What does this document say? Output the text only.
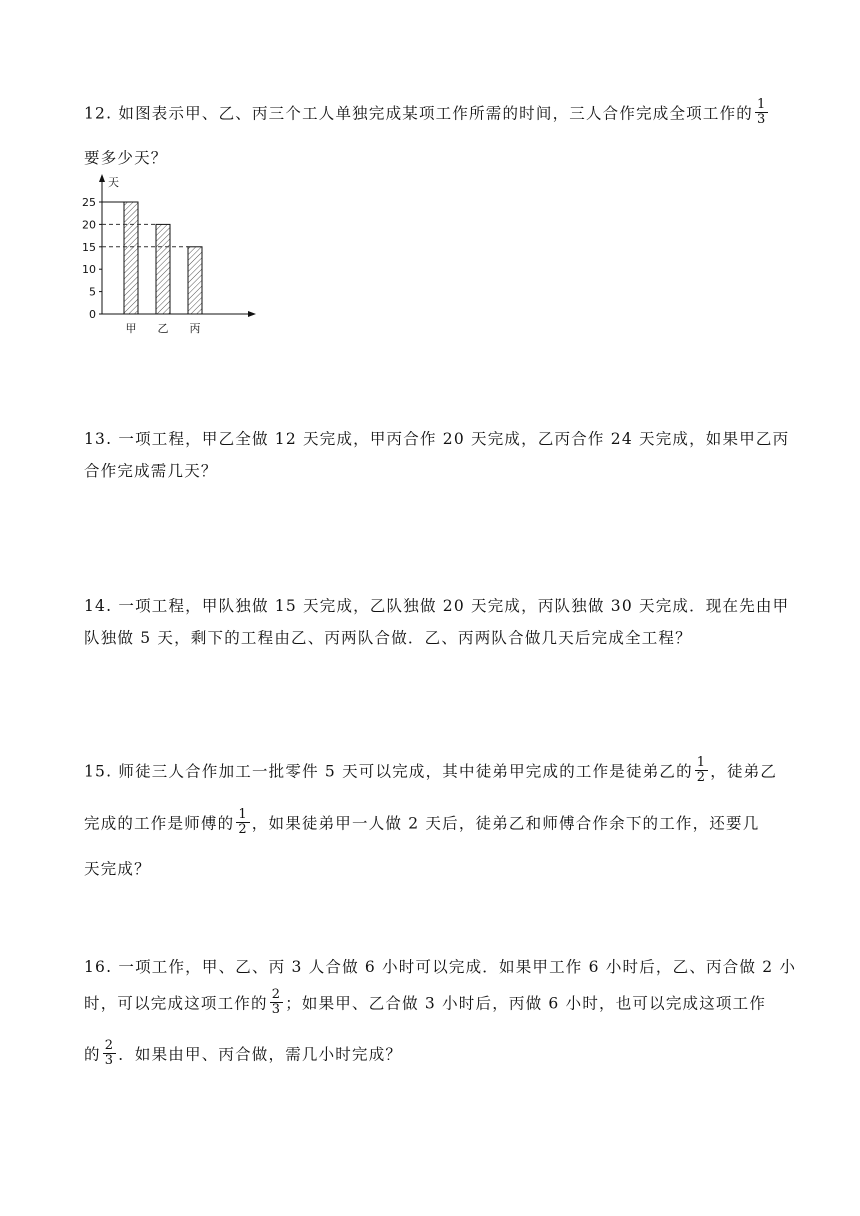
12. 如图表示甲、乙、丙三个工人单独完成某项工作所需的时间，三人合作完成全项工作的 $\frac{1}{3}$
要多少天？
天
0
5
10
15
20
25
甲 乙 丙
13. 一项工程，甲乙全做 12 天完成，甲丙合作 20 天完成，乙丙合作 24 天完成，如果甲乙丙
合作完成需几天？
14. 一项工程，甲队独做 15 天完成，乙队独做 20 天完成，丙队独做 30 天完成．现在先由甲
队独做 5 天，剩下的工程由乙、丙两队合做．乙、丙两队合做几天后完成全工程？
15. 师徒三人合作加工一批零件 5 天可以完成，其中徒弟甲完成的工作是徒弟乙的 $\frac{1}{2}$ ，徒弟乙
完成的工作是师傅的 $\frac{1}{2}$ ，如果徒弟甲一人做 2 天后，徒弟乙和师傅合作余下的工作，还要几
天完成？
16. 一项工作，甲、乙、丙 3 人合做 6 小时可以完成．如果甲工作 6 小时后，乙、丙合做 2 小
时，可以完成这项工作的 $\frac{2}{3}$ ；如果甲、乙合做 3 小时后，丙做 6 小时，也可以完成这项工作
的 $\frac{2}{3}$ ．如果由甲、丙合做，需几小时完成？
